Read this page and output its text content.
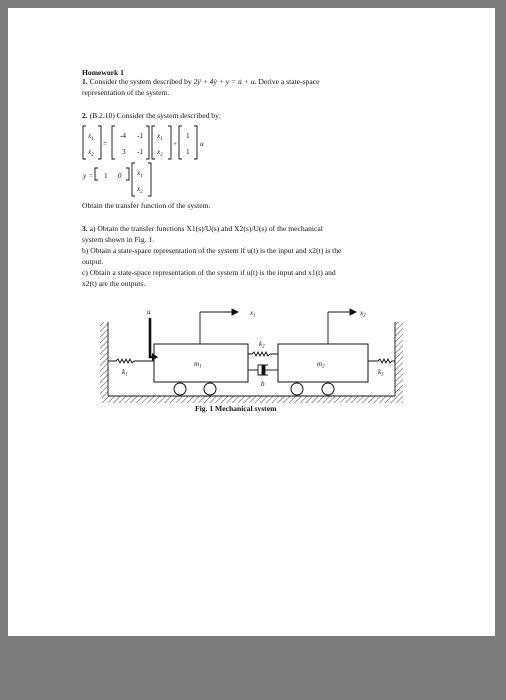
Homework 1
1. Consider the system described by 2ÿ + 4ẏ + y = u̇ + u. Derive a state-space
representation of the system.
2. (B.2.10) Consider the system described by:
ẋ$_1$
ẋ$_2$
=
-4 -1
3 -1
$x_1$
$x_2$
+
1
1
u
y = 1 0 $x_1$
$x_2$
Obtain the transfer function of the system.
3. a) Obtain the transfer functions X1(s)/U(s) and X2(s)/U(s) of the mechanical
system shown in Fig. 1.
b) Obtain a state-space representation of the system if u(t) is the input and x2(t) is the
output.
c) Obtain a state-space representation of the system if u(t) is the input and x1(t) and
x2(t) are the outputs.
u	$x_1$	$x_2$
$k_1$
$k_2$
$k_3$
b
$m_1$	$m_2$
Fig. 1 Mechanical system
